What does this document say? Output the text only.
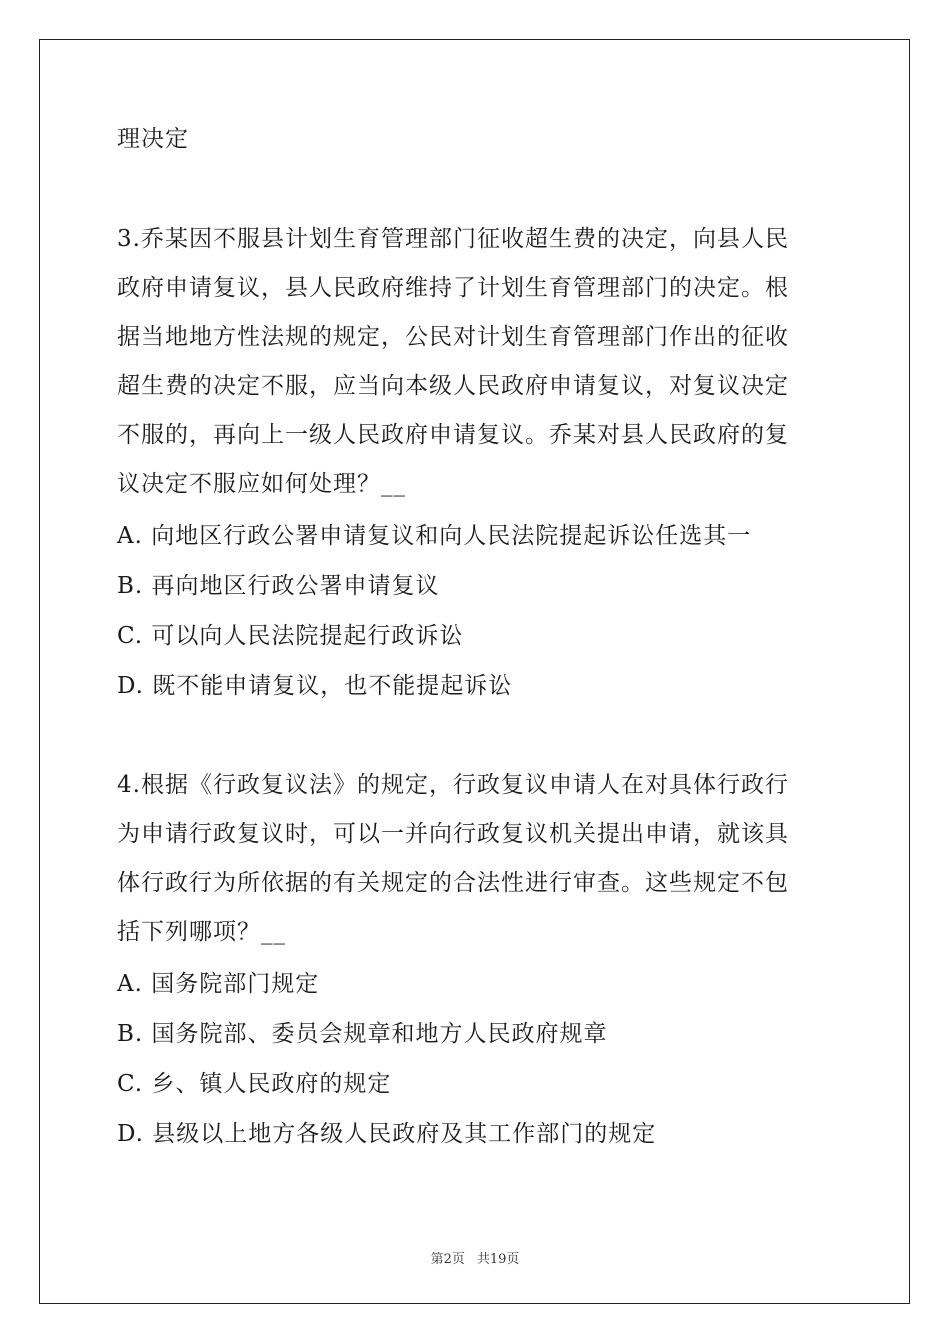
理决定
3.乔某因不服县计划生育管理部门征收超生费的决定，向县人民
政府申请复议，县人民政府维持了计划生育管理部门的决定。根
据当地地方性法规的规定，公民对计划生育管理部门作出的征收
超生费的决定不服，应当向本级人民政府申请复议，对复议决定
不服的，再向上一级人民政府申请复议。乔某对县人民政府的复
议决定不服应如何处理？__
A. 向地区行政公署申请复议和向人民法院提起诉讼任选其一
B. 再向地区行政公署申请复议
C. 可以向人民法院提起行政诉讼
D. 既不能申请复议，也不能提起诉讼
4.根据《行政复议法》的规定，行政复议申请人在对具体行政行
为申请行政复议时，可以一并向行政复议机关提出申请，就该具
体行政行为所依据的有关规定的合法性进行审查。这些规定不包
括下列哪项？__
A. 国务院部门规定
B. 国务院部、委员会规章和地方人民政府规章
C. 乡、镇人民政府的规定
D. 县级以上地方各级人民政府及其工作部门的规定
第2页 共19页
